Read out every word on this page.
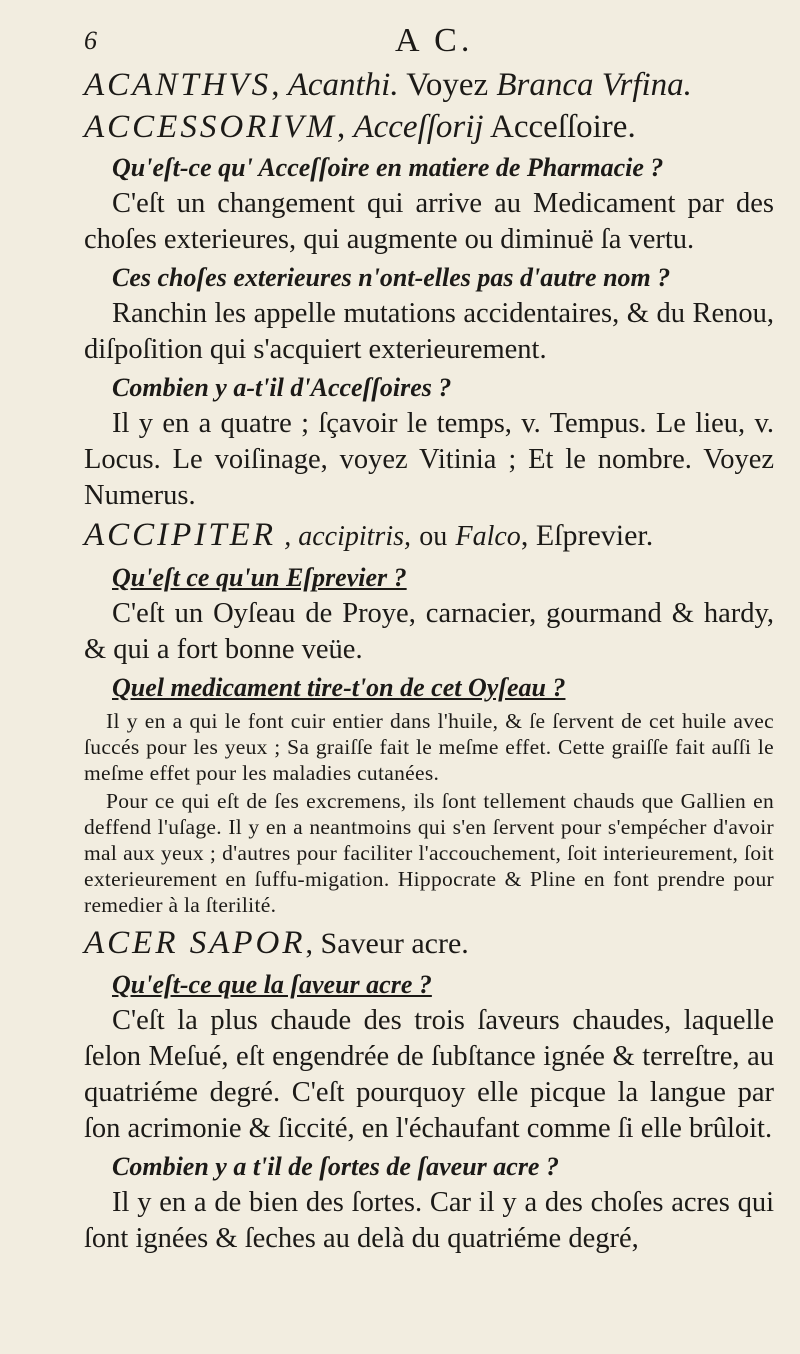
6	A C.

ACANTHVS, Acanthi. Voyez Branca Vrfina.

ACCESSORIVM, Acceſſorij Acceſſoire.

Qu'eſt-ce qu' Acceſſoire en matiere de Pharmacie ?

C'eſt un changement qui arrive au Medicament par des choſes exterieures, qui augmente ou diminuë ſa vertu.

Ces choſes exterieures n'ont-elles pas d'autre nom ?

Ranchin les appelle mutations accidentaires, & du Renou, diſpoſition qui s'acquiert exterieurement.

Combien y a-t'il d'Acceſſoires ?

Il y en a quatre ; ſçavoir le temps, v. Tempus. Le lieu, v. Locus. Le voiſinage, voyez Vitinia ; Et le nombre. Voyez Numerus.

ACCIPITER , accipitris, ou Falco, Eſprevier.

Qu'eſt ce qu'un Eſprevier ?

C'eſt un Oyſeau de Proye, carnacier, gourmand & hardy, & qui a fort bonne veüe.

Quel medicament tire-t'on de cet Oyſeau ?

Il y en a qui le font cuir entier dans l'huile, & ſe ſervent de cet huile avec ſuccés pour les yeux ; Sa graiſſe fait le meſme effet. Cette graiſſe fait auſſi le meſme effet pour les maladies cutanées.

Pour ce qui eſt de ſes excremens, ils ſont tellement chauds que Gallien en deffend l'uſage. Il y en a neantmoins qui s'en ſervent pour s'empécher d'avoir mal aux yeux ; d'autres pour faciliter l'accouchement, ſoit interieurement, ſoit exterieurement en ſuffu-migation. Hippocrate & Pline en font prendre pour remedier à la ſterilité.

ACER SAPOR, Saveur acre.

Qu'eſt-ce que la ſaveur acre ?

C'eſt la plus chaude des trois ſaveurs chaudes, laquelle ſelon Meſué, eſt engendrée de ſubſtance ignée & terreſtre, au quatriéme degré. C'eſt pourquoy elle picque la langue par ſon acrimonie & ſiccité, en l'échaufant comme ſi elle brûloit.

Combien y a t'il de ſortes de ſaveur acre ?

Il y en a de bien des ſortes. Car il y a des choſes acres qui ſont ignées & ſeches au delà du quatriéme degré,
